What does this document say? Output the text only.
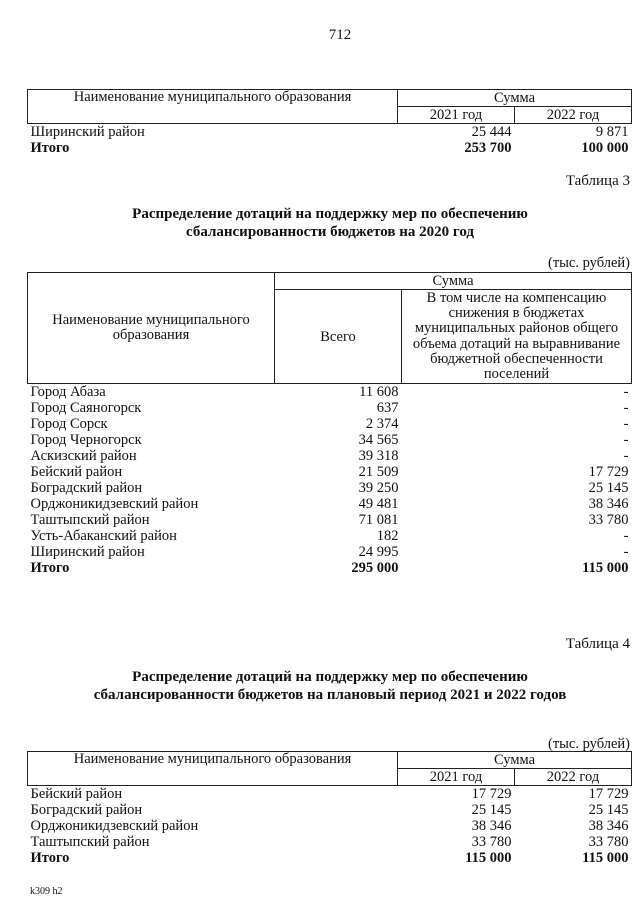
712
Наименование муниципального образования	Сумма	
	2021 год	2022 год
Ширинский район	25 444	9 871
Итого	253 700	100 000
Таблица 3
Распределение дотаций на поддержку мер по обеспечению
сбалансированности бюджетов на 2020 год
(тыс. рублей)
Наименование муниципального образования	Сумма	
	Всего	В том числе на компенсацию снижения в бюджетах муниципальных районов общего объема дотаций на выравнивание бюджетной обеспеченности поселений
Город Абаза	11 608	-
Город Саяногорск	637	-
Город Сорск	2 374	-
Город Черногорск	34 565	-
Аскизский район	39 318	-
Бейский район	21 509	17 729
Боградский район	39 250	25 145
Орджоникидзевский район	49 481	38 346
Таштыпский район	71 081	33 780
Усть-Абаканский район	182	-
Ширинский район	24 995	-
Итого	295 000	115 000
Таблица 4
Распределение дотаций на поддержку мер по обеспечению
сбалансированности бюджетов на плановый период 2021 и 2022 годов
(тыс. рублей)
Наименование муниципального образования	Сумма	
	2021 год	2022 год
Бейский район	17 729	17 729
Боградский район	25 145	25 145
Орджоникидзевский район	38 346	38 346
Таштыпский район	33 780	33 780
Итого	115 000	115 000
k309 h2
